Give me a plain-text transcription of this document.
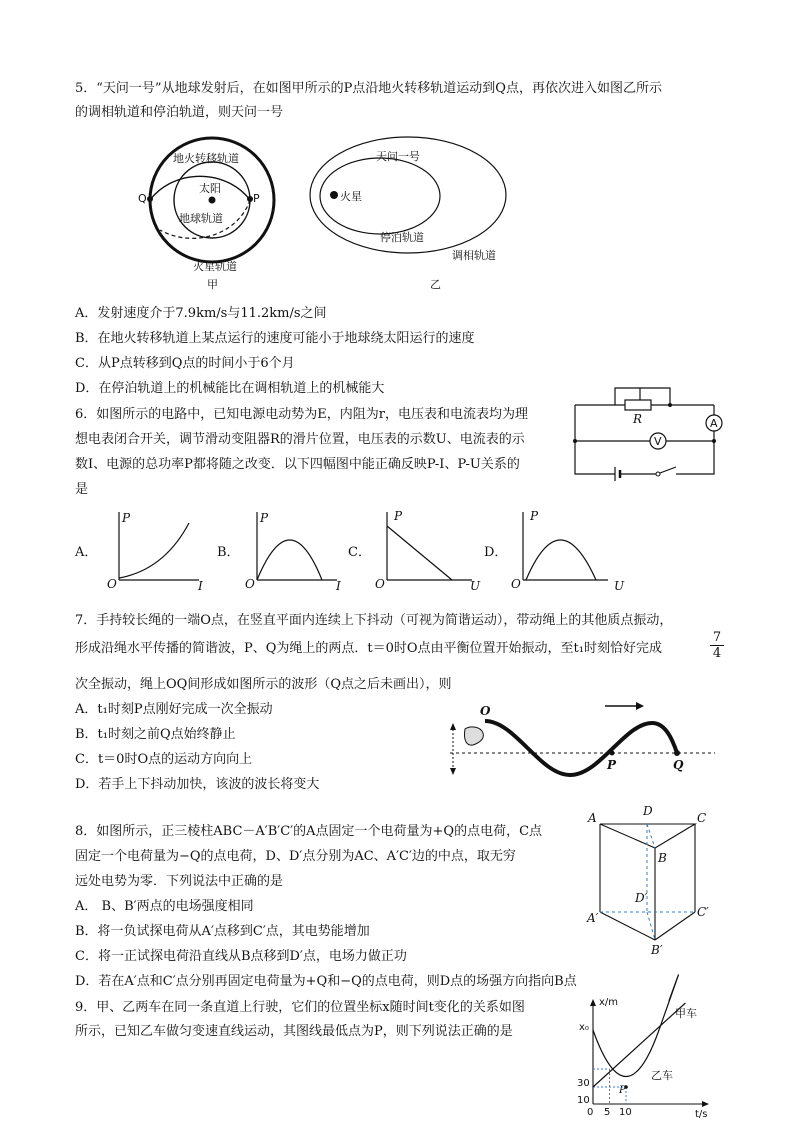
5．“天问一号”从地球发射后，在如图甲所示的P点沿地火转移轨道运动到Q点，再依次进入如图乙所示
的调相轨道和停泊轨道，则天问一号
地火转移轨道
太阳
P
Q
地球轨道
火星轨道
甲
天问一号
火星
停泊轨道
调相轨道
乙
A．发射速度介于7.9km/s与11.2km/s之间
B．在地火转移轨道上某点运行的速度可能小于地球绕太阳运行的速度
C．从P点转移到Q点的时间小于6个月
D．在停泊轨道上的机械能比在调相轨道上的机械能大
6．如图所示的电路中，已知电源电动势为E，内阻为r，电压表和电流表均为理
想电表闭合开关，调节滑动变阻器R的滑片位置，电压表的示数U、电流表的示
数I、电源的总功率P都将随之改变．以下四幅图中能正确反映P-I、P-U关系的
是
R	A
V
A．
P
I
O
B．
P
I
O
C．
P
U
O
D．
P
U
O
7．手持较长绳的一端O点，在竖直平面内连续上下抖动（可视为简谐运动），带动绳上的其他质点振动，
形成沿绳水平传播的简谐波，P、Q为绳上的两点．t＝0时O点由平衡位置开始振动，至t₁时刻恰好完成	$\frac{7}{4}$
次全振动，绳上OQ间形成如图所示的波形（Q点之后未画出），则
A．t₁时刻P点刚好完成一次全振动
B．t₁时刻之前Q点始终静止
C．t＝0时O点的运动方向向上
D．若手上下抖动加快，该波的波长将变大
O
P	Q
8．如图所示，正三棱柱ABC－A′B′C′的A点固定一个电荷量为+Q的点电荷，C点
固定一个电荷量为−Q的点电荷，D、D′点分别为AC、A′C′边的中点，取无穷
远处电势为零．下列说法中正确的是
A． B、B′两点的电场强度相同
B．将一负试探电荷从A′点移到C′点，其电势能增加
C．将一正试探电荷沿直线从B点移到D′点，电场力做正功
D．若在A′点和C′点分别再固定电荷量为+Q和−Q的点电荷，则D点的场强方向指向B点
A	D	C
B
D′
A′	C′
B′
9．甲、乙两车在同一条直道上行驶，它们的位置坐标x随时间t变化的关系如图
所示，已知乙车做匀变速直线运动，其图线最低点为P，则下列说法正确的是
x/m
t/s
x₀
30
10
0 5 10
甲车
乙车
P
